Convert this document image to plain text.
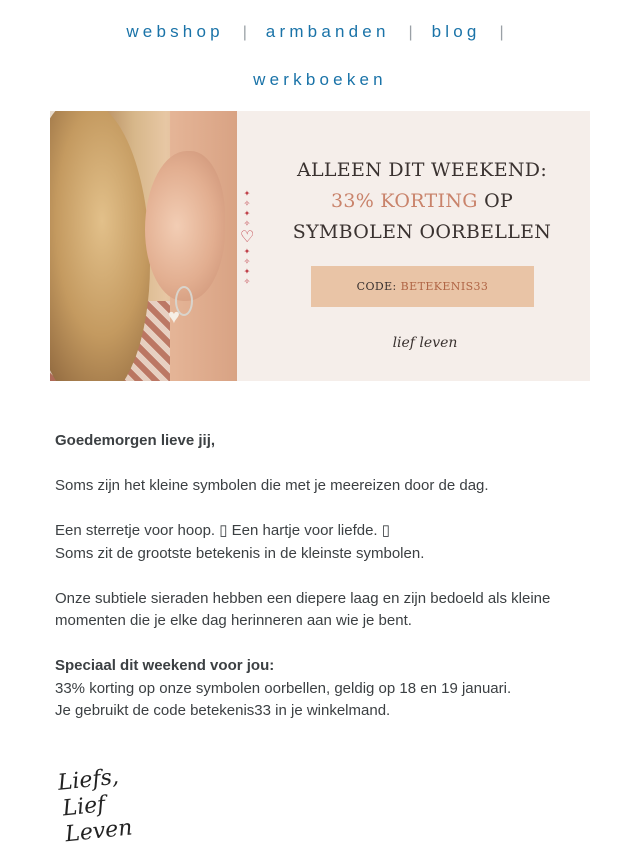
webshop | armbanden | blog |
werkboeken
♥
✦
✧
✦
✧
♡
✦
✧
✦
✧
ALLEEN DIT WEEKEND:
33% KORTING OP
SYMBOLEN OORBELLEN
CODE: BETEKENIS33
lief leven

Goedemorgen lieve jij,

Soms zijn het kleine symbolen die met je meereizen door de dag.

Een sterretje voor hoop. ▯ Een hartje voor liefde. ▯

Soms zit de grootste betekenis in de kleinste symbolen.

Onze subtiele sieraden hebben een diepere laag en zijn bedoeld als kleine momenten die je elke dag herinneren aan wie je bent.

Speciaal dit weekend voor jou:

33% korting op onze symbolen oorbellen, geldig op 18 en 19 januari.

Je gebruikt de code betekenis33 in je winkelmand.

Liefs,
Lief Leven
